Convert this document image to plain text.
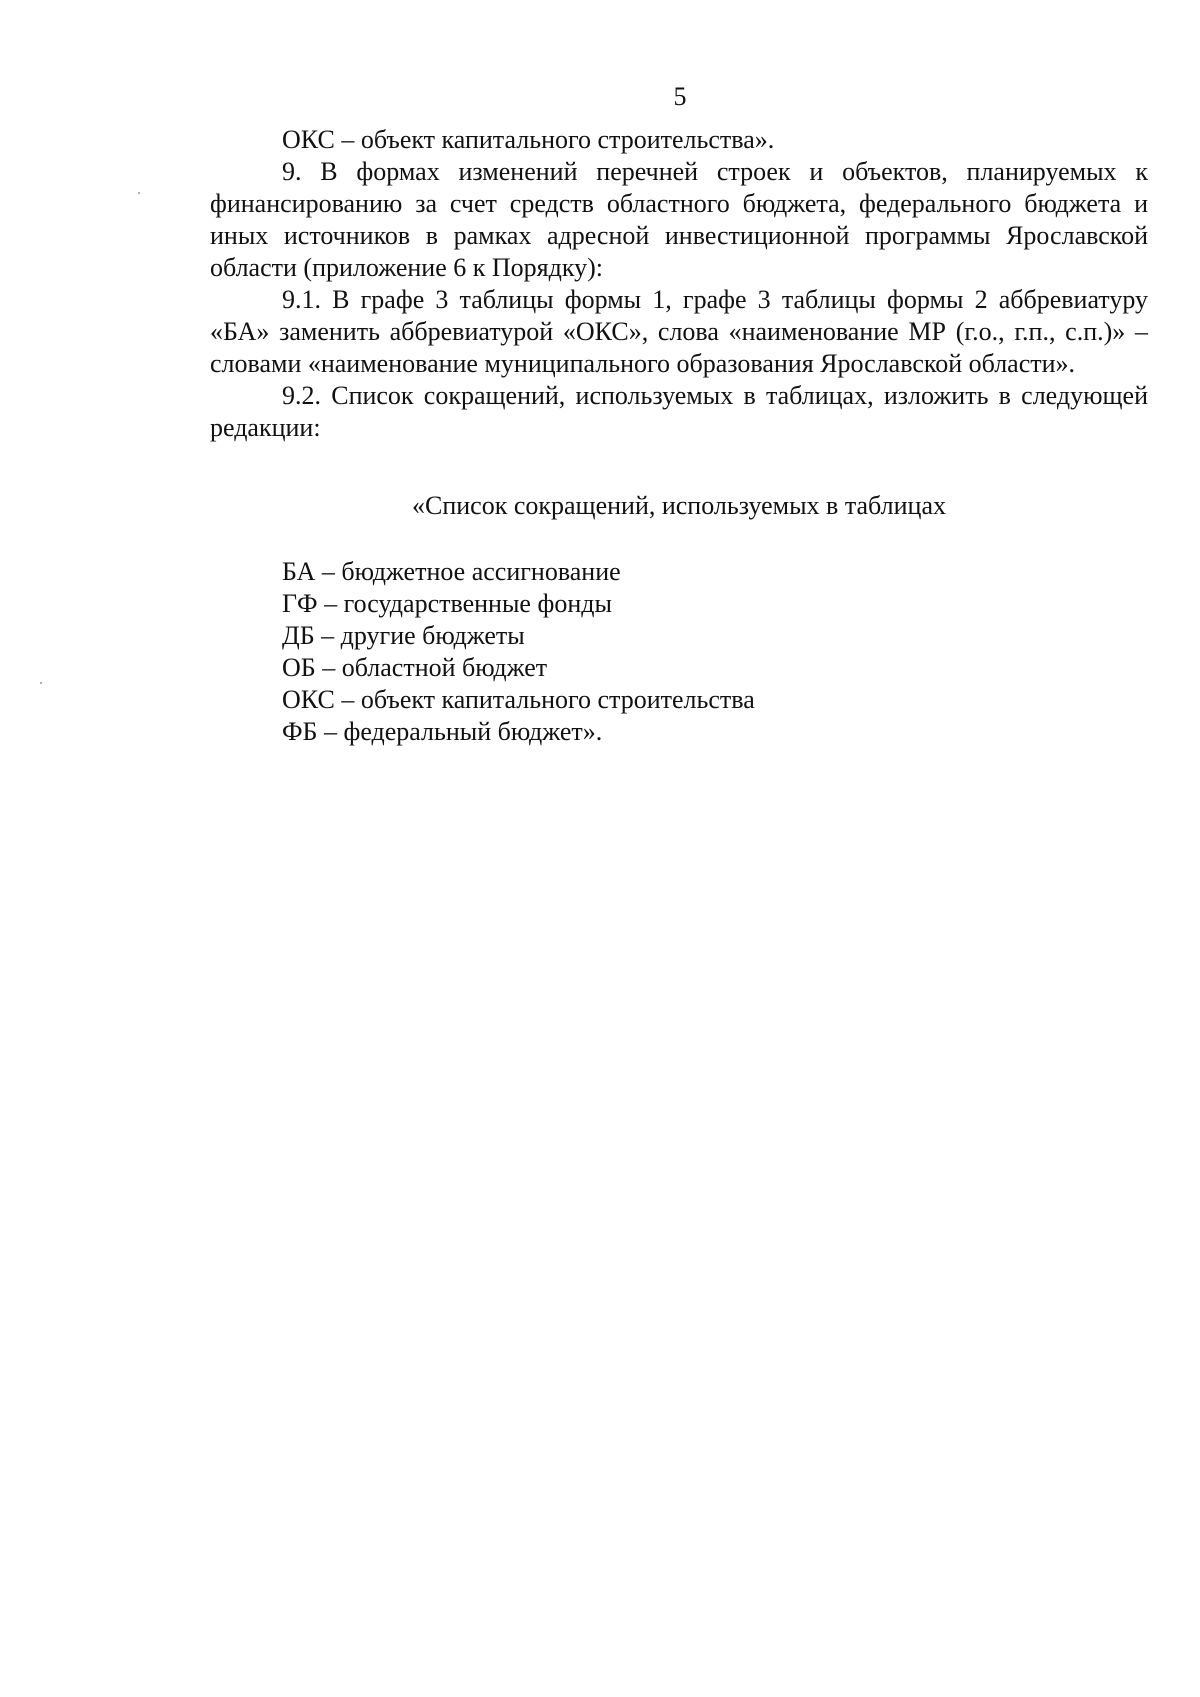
5

ОКС – объект капитального строительства».

9. В формах изменений перечней строек и объектов, планируемых к финансированию за счет средств областного бюджета, федерального бюджета и иных источников в рамках адресной инвестиционной программы Ярославской области (приложение 6 к Порядку):

9.1. В графе 3 таблицы формы 1, графе 3 таблицы формы 2 аббревиатуру «БА» заменить аббревиатурой «ОКС», слова «наименование МР (г.о., г.п., с.п.)» – словами «наименование муниципального образования Ярославской области».

9.2. Список сокращений, используемых в таблицах, изложить в следующей редакции:

«Список сокращений, используемых в таблицах
БА – бюджетное ассигнование
ГФ – государственные фонды
ДБ – другие бюджеты
ОБ – областной бюджет
ОКС – объект капитального строительства
ФБ – федеральный бюджет».
